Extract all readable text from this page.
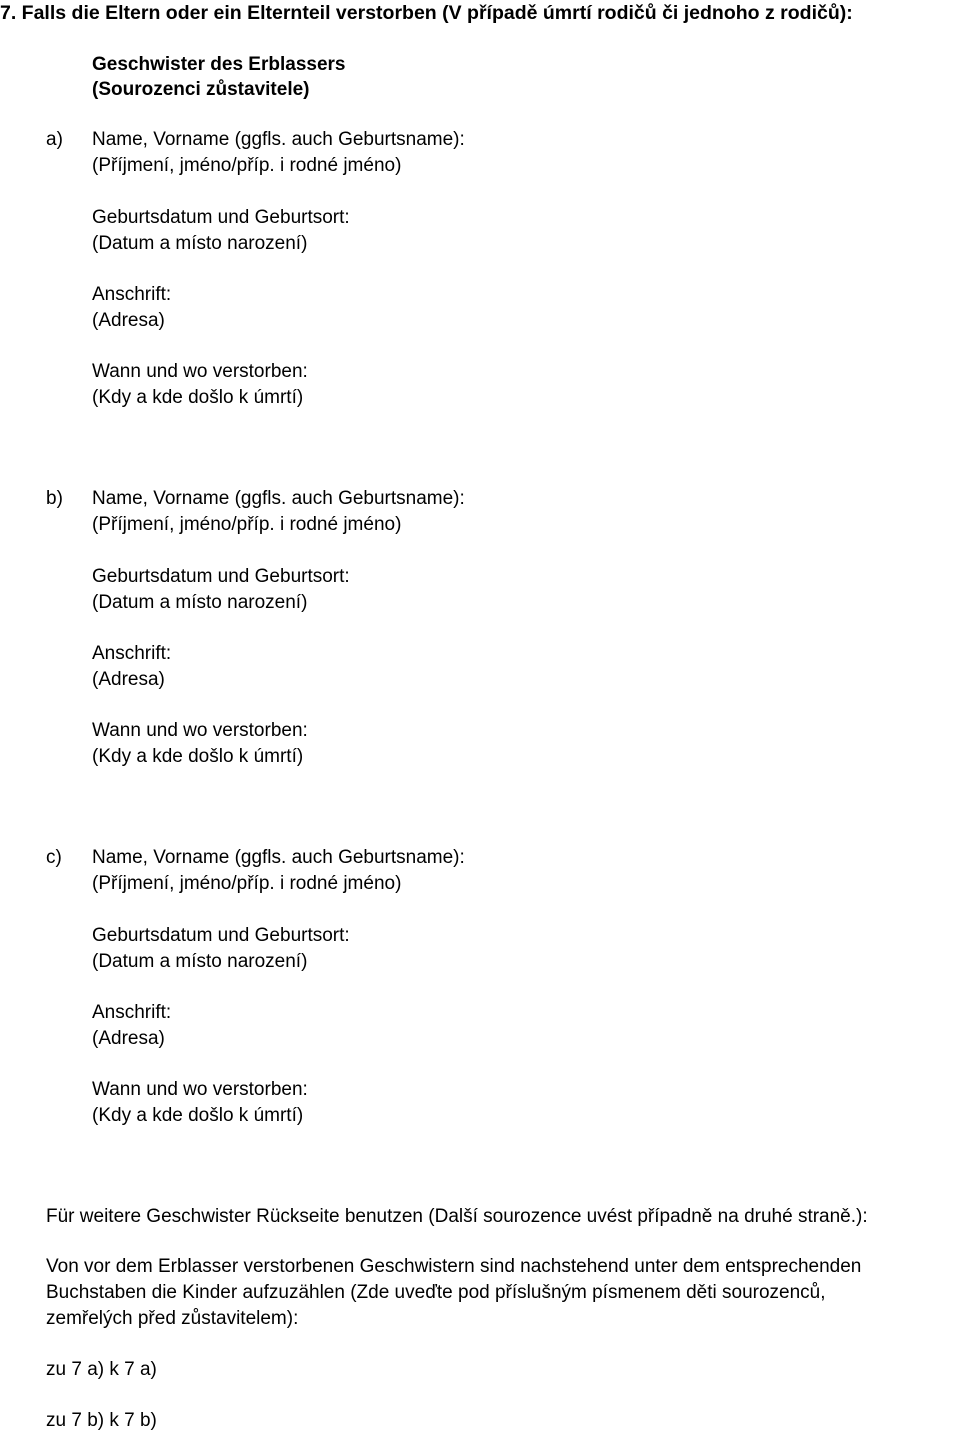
7. Falls die Eltern oder ein Elternteil verstorben (V případě úmrtí rodičů či jednoho z rodičů):
Geschwister des Erblassers
(Sourozenci zůstavitele)
a) Name, Vorname (ggfls. auch Geburtsname):
(Příjmení, jméno/příp. i rodné jméno)
Geburtsdatum und Geburtsort:
(Datum a místo narození)
Anschrift:
(Adresa)
Wann und wo verstorben:
(Kdy a kde došlo k úmrtí)
b) Name, Vorname (ggfls. auch Geburtsname):
(Příjmení, jméno/příp. i rodné jméno)
Geburtsdatum und Geburtsort:
(Datum a místo narození)
Anschrift:
(Adresa)
Wann und wo verstorben:
(Kdy a kde došlo k úmrtí)
c) Name, Vorname (ggfls. auch Geburtsname):
(Příjmení, jméno/příp. i rodné jméno)
Geburtsdatum und Geburtsort:
(Datum a místo narození)
Anschrift:
(Adresa)
Wann und wo verstorben:
(Kdy a kde došlo k úmrtí)
Für weitere Geschwister Rückseite benutzen (Další sourozence uvést případně na druhé straně.):
Von vor dem Erblasser verstorbenen Geschwistern sind nachstehend unter dem entsprechenden
Buchstaben die Kinder aufzuzählen (Zde uveďte pod příslušným písmenem děti sourozenců,
zemřelých před zůstavitelem):
zu 7 a) k 7 a)
zu 7 b) k 7 b)
